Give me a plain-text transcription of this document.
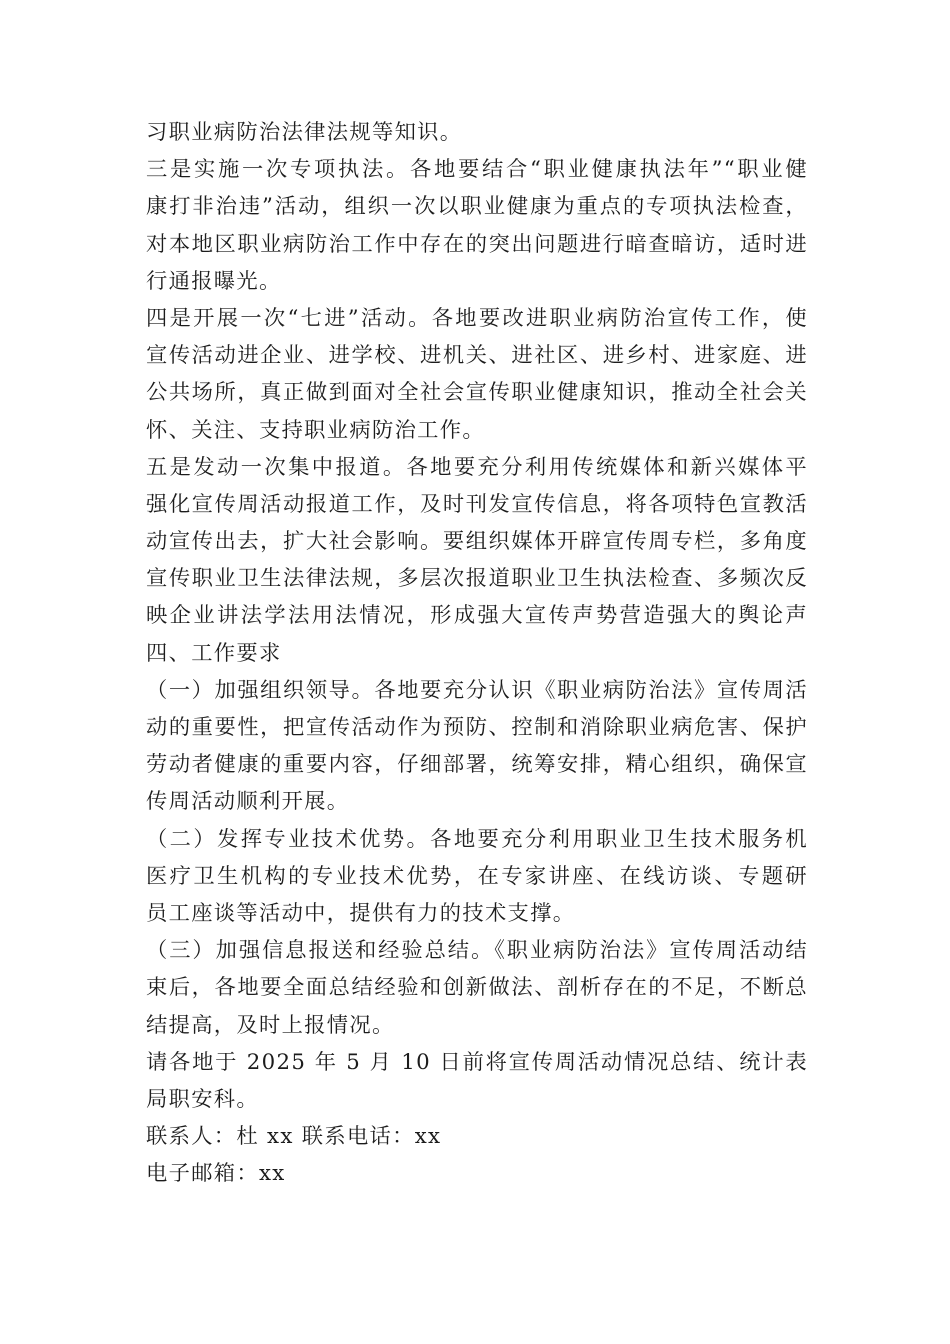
习职业病防治法律法规等知识。
三是实施一次专项执法。各地要结合“职业健康执法年”“职业健
康打非治违”活动，组织一次以职业健康为重点的专项执法检查，
对本地区职业病防治工作中存在的突出问题进行暗查暗访，适时进
行通报曝光。
四是开展一次“七进”活动。各地要改进职业病防治宣传工作，使
宣传活动进企业、进学校、进机关、进社区、进乡村、进家庭、进
公共场所，真正做到面对全社会宣传职业健康知识，推动全社会关
怀、关注、支持职业病防治工作。
五是发动一次集中报道。各地要充分利用传统媒体和新兴媒体平
强化宣传周活动报道工作，及时刊发宣传信息，将各项特色宣教活
动宣传出去，扩大社会影响。要组织媒体开辟宣传周专栏，多角度
宣传职业卫生法律法规，多层次报道职业卫生执法检查、多频次反
映企业讲法学法用法情况，形成强大宣传声势营造强大的舆论声
四、工作要求
（一）加强组织领导。各地要充分认识《职业病防治法》宣传周活
动的重要性，把宣传活动作为预防、控制和消除职业病危害、保护
劳动者健康的重要内容，仔细部署，统筹安排，精心组织，确保宣
传周活动顺利开展。
（二）发挥专业技术优势。各地要充分利用职业卫生技术服务机
医疗卫生机构的专业技术优势，在专家讲座、在线访谈、专题研
员工座谈等活动中，提供有力的技术支撑。
（三）加强信息报送和经验总结。《职业病防治法》宣传周活动结
束后，各地要全面总结经验和创新做法、剖析存在的不足，不断总
结提高，及时上报情况。
请各地于 2025 年 5 月 10 日前将宣传周活动情况总结、统计表
局职安科。
联系人：杜 xx 联系电话：xx
电子邮箱：xx
